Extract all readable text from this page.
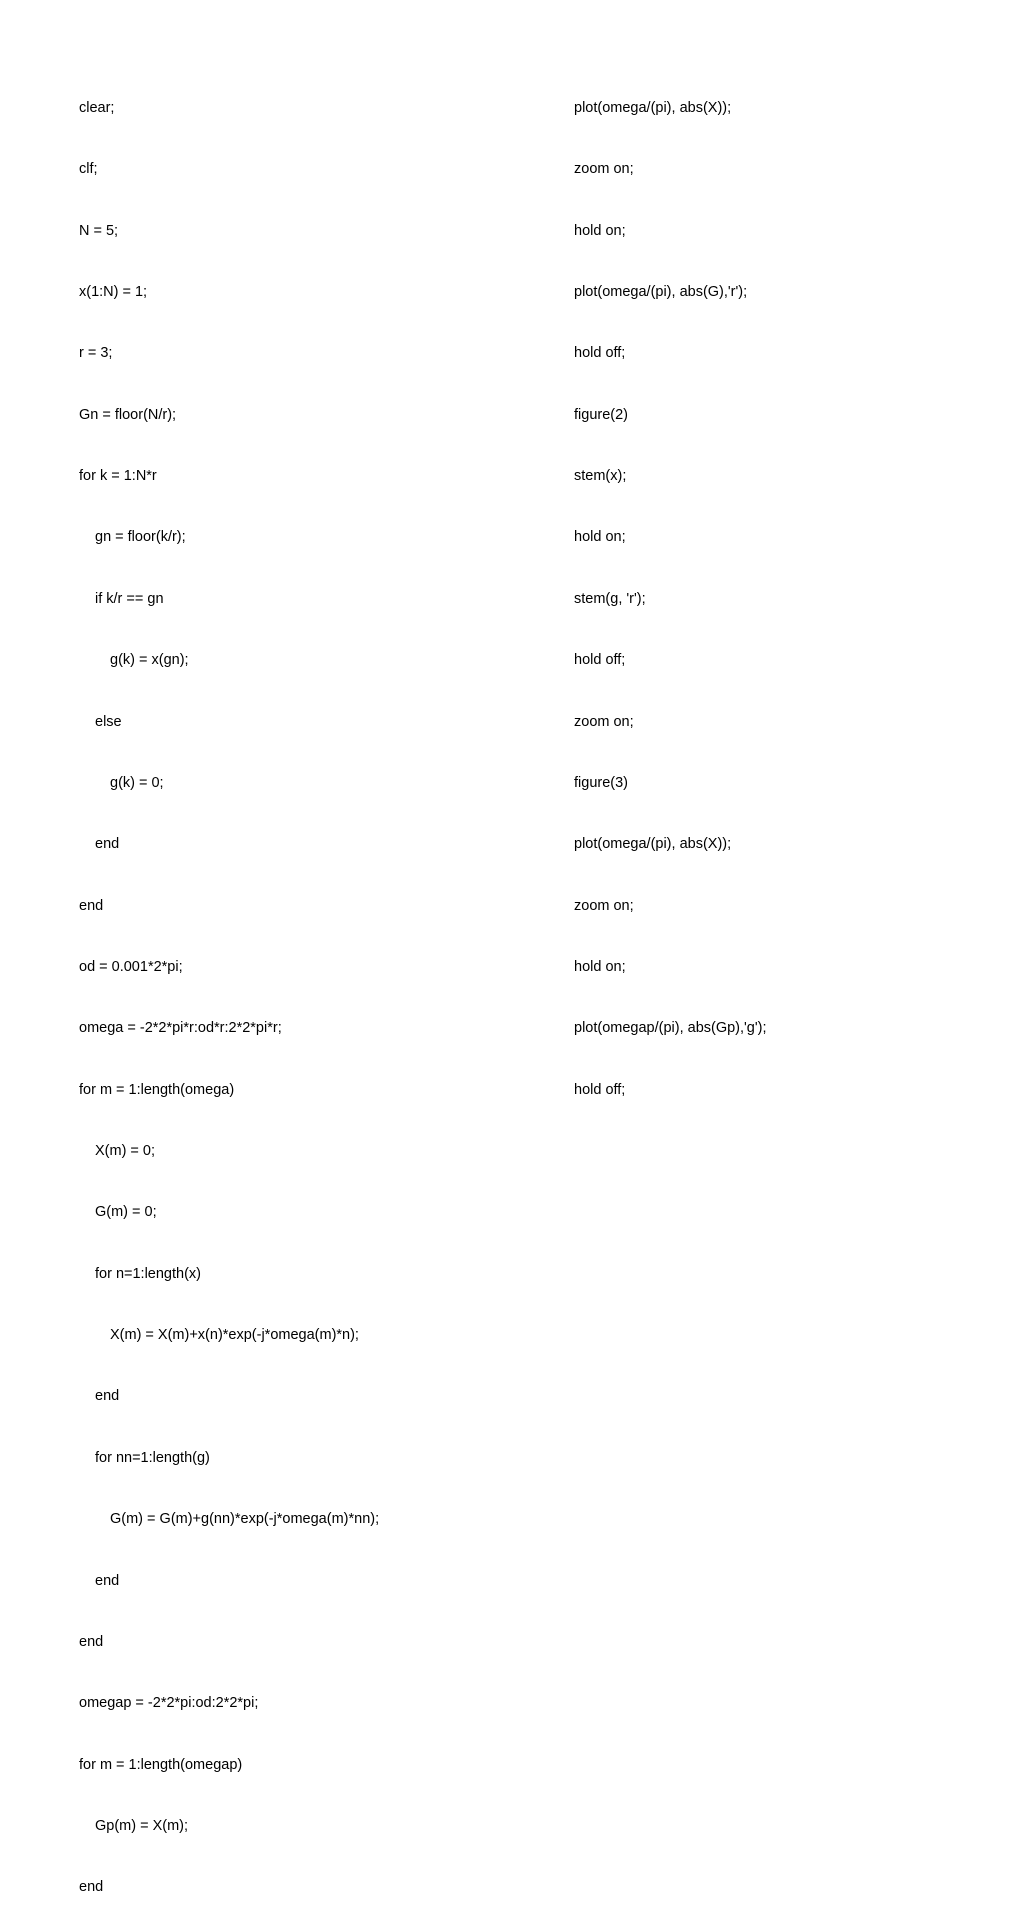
clear;

clf;

N = 5;

x(1:N) = 1;

r = 3;

Gn = floor(N/r);

for k = 1:N*r

gn = floor(k/r);

if k/r == gn

g(k) = x(gn);

else

g(k) = 0;

end

end

od = 0.001*2*pi;

omega = -2*2*pi*r:od*r:2*2*pi*r;

for m = 1:length(omega)

X(m) = 0;

G(m) = 0;

for n=1:length(x)

X(m) = X(m)+x(n)*exp(-j*omega(m)*n);

end

for nn=1:length(g)

G(m) = G(m)+g(nn)*exp(-j*omega(m)*nn);

end

end

omegap = -2*2*pi:od:2*2*pi;

for m = 1:length(omegap)

Gp(m) = X(m);

end

plot(omega/(pi), abs(X));

zoom on;

hold on;

plot(omega/(pi), abs(G),'r');

hold off;

figure(2)

stem(x);

hold on;

stem(g, 'r');

hold off;

zoom on;

figure(3)

plot(omega/(pi), abs(X));

zoom on;

hold on;

plot(omegap/(pi), abs(Gp),'g');

hold off;
